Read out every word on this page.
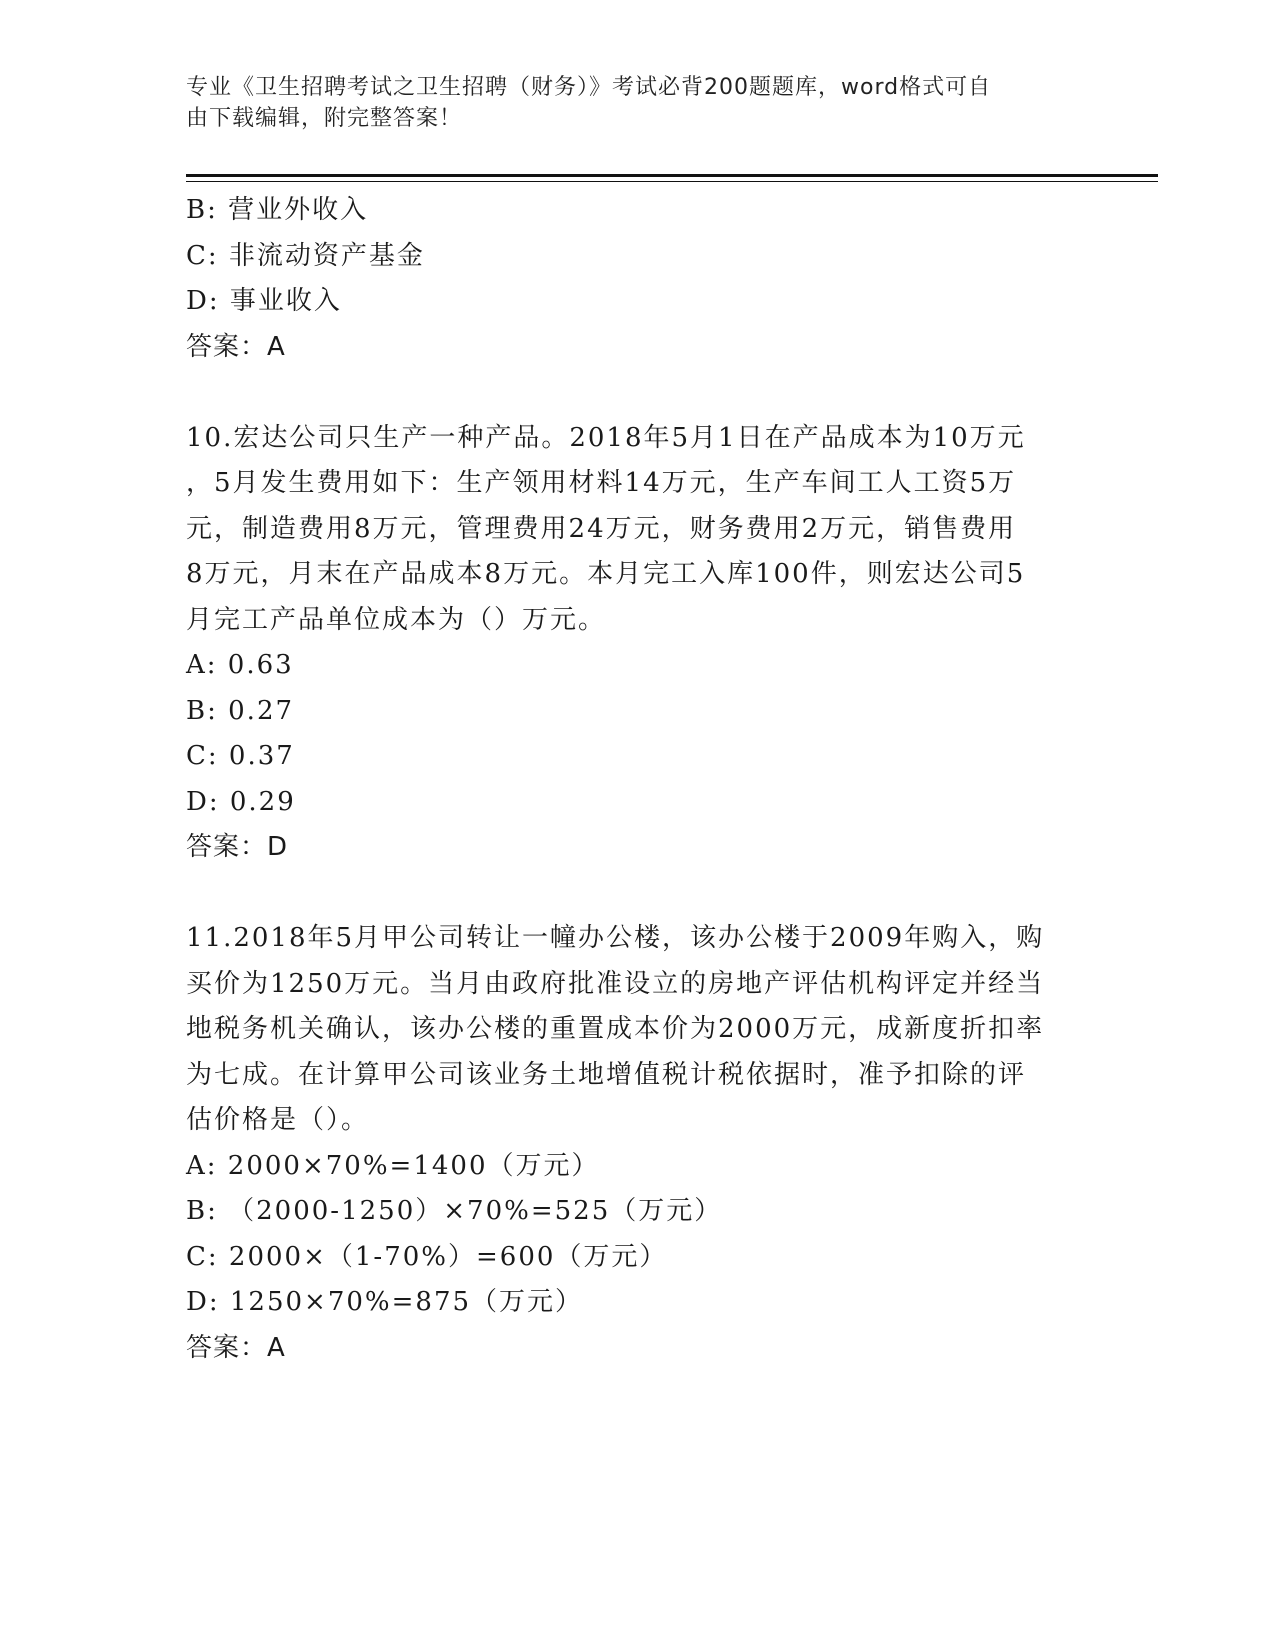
专业《卫生招聘考试之卫生招聘（财务）》考试必背200题题库，word格式可自
由下载编辑，附完整答案！
B: 营业外收入
C: 非流动资产基金
D: 事业收入
答案：A
10.宏达公司只生产一种产品。2018年5月1日在产品成本为10万元
，5月发生费用如下：生产领用材料14万元，生产车间工人工资5万
元，制造费用8万元，管理费用24万元，财务费用2万元，销售费用
8万元，月末在产品成本8万元。本月完工入库100件，则宏达公司5
月完工产品单位成本为（）万元。
A: 0.63
B: 0.27
C: 0.37
D: 0.29
答案：D
11.2018年5月甲公司转让一幢办公楼，该办公楼于2009年购入，购
买价为1250万元。当月由政府批准设立的房地产评估机构评定并经当
地税务机关确认，该办公楼的重置成本价为2000万元，成新度折扣率
为七成。在计算甲公司该业务土地增值税计税依据时，准予扣除的评
估价格是（）。
A: 2000×70%=1400（万元）
B: （2000-1250）×70%=525（万元）
C: 2000×（1-70%）=600（万元）
D: 1250×70%=875（万元）
答案：A
